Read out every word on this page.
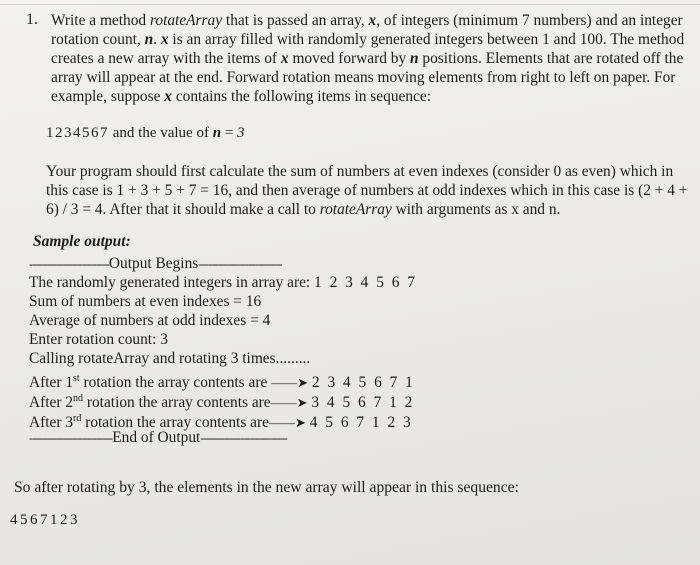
1. Write a method rotateArray that is passed an array, x, of integers (minimum 7 numbers) and an integer rotation count, n. x is an array filled with randomly generated integers between 1 and 100. The method creates a new array with the items of x moved forward by n positions. Elements that are rotated off the array will appear at the end. Forward rotation means moving elements from right to left on paper. For example, suppose x contains the following items in sequence:

1234567 and the value of n = 3

Your program should first calculate the sum of numbers at even indexes (consider 0 as even) which in this case is 1 + 3 + 5 + 7 = 16, and then average of numbers at odd indexes which in this case is (2 + 4 + 6) / 3 = 4. After that it should make a call to rotateArray with arguments as x and n.

Sample output:
------------------------Output Begins-------------------------
The randomly generated integers in array are: 1 2 3 4 5 6 7
Sum of numbers at even indexes = 16
Average of numbers at odd indexes = 4
Enter rotation count: 3
Calling rotateArray and rotating 3 times.........
After 1st rotation the array contents are ——➤ 2 3 4 5 6 7 1
After 2nd rotation the array contents are——➤ 3 4 5 6 7 1 2
After 3rd rotation the array contents are——➤ 4 5 6 7 1 2 3
-------------------------End of Output--------------------------
So after rotating by 3, the elements in the new array will appear in this sequence:
4567123
